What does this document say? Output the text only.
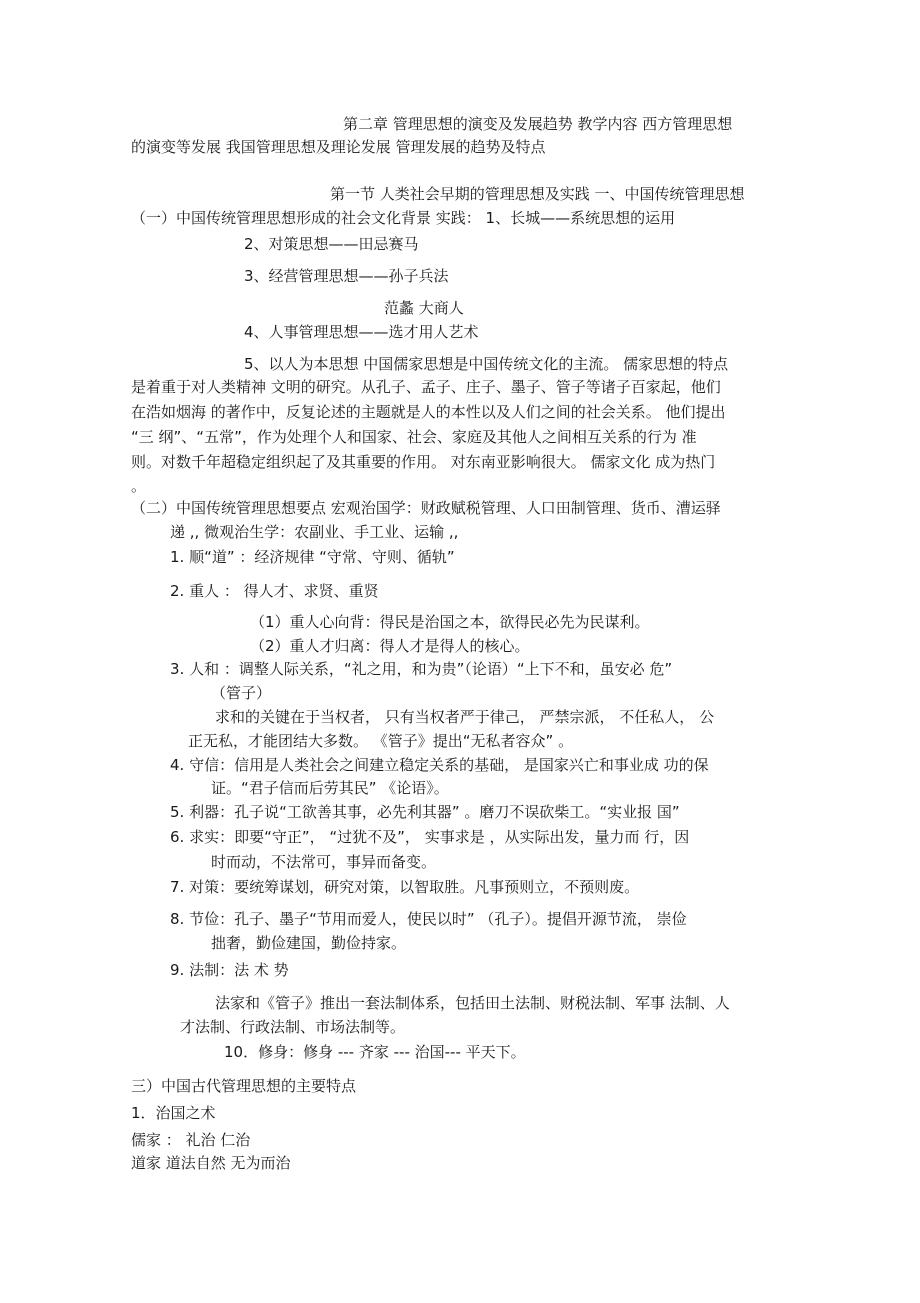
第二章 管理思想的演变及发展趋势 教学内容 西方管理思想
的演变等发展 我国管理思想及理论发展 管理发展的趋势及特点
第一节 人类社会早期的管理思想及实践 一、中国传统管理思想
（一）中国传统管理思想形成的社会文化背景 实践： 1、长城——系统思想的运用
2、对策思想——田忌赛马
3、经营管理思想——孙子兵法
范蠡 大商人
4、人事管理思想——选才用人艺术
5、以人为本思想 中国儒家思想是中国传统文化的主流。 儒家思想的特点
是着重于对人类精神 文明的研究。从孔子、孟子、庄子、墨子、管子等诸子百家起，他们
在浩如烟海 的著作中，反复论述的主题就是人的本性以及人们之间的社会关系。 他们提出
“三 纲”、“五常”，作为处理个人和国家、社会、家庭及其他人之间相互关系的行为 准
则。对数千年超稳定组织起了及其重要的作用。 对东南亚影响很大。 儒家文化 成为热门
。
（二）中国传统管理思想要点 宏观治国学：财政赋税管理、人口田制管理、货币、漕运驿
递 ,, 微观治生学：农副业、手工业、运输 ,,
1. 顺“道” ：经济规律 “守常、守则、循轨”
2. 重人 ： 得人才、求贤、重贤
（1）重人心向背：得民是治国之本，欲得民必先为民谋利。
（2）重人才归离：得人才是得人的核心。
3. 人和 ：调整人际关系，“礼之用，和为贵”（论语）“上下不和，虽安必 危”
（管子）
求和的关键在于当权者， 只有当权者严于律己， 严禁宗派， 不任私人， 公
正无私，才能团结大多数。 《管子》提出“无私者容众” 。
4. 守信：信用是人类社会之间建立稳定关系的基础， 是国家兴亡和事业成 功的保
证。“君子信而后劳其民” 《论语》。
5. 利器：孔子说“工欲善其事，必先利其器” 。磨刀不误砍柴工。“实业报 国”
6. 求实：即要“守正”， “过犹不及”， 实事求是 ，从实际出发，量力而 行，因
时而动，不法常可，事异而备变。
7. 对策：要统筹谋划，研究对策，以智取胜。凡事预则立，不预则废。
8. 节俭：孔子、墨子“节用而爱人，使民以时” （孔子）。提倡开源节流， 崇俭
拙奢，勤俭建国，勤俭持家。
9. 法制：法 术 势
法家和《管子》推出一套法制体系，包括田土法制、财税法制、军事 法制、人
才法制、行政法制、市场法制等。
10．修身：修身 --- 齐家 --- 治国--- 平天下。
三）中国古代管理思想的主要特点
1．治国之术
儒家 ： 礼治 仁治
道家 道法自然 无为而治
